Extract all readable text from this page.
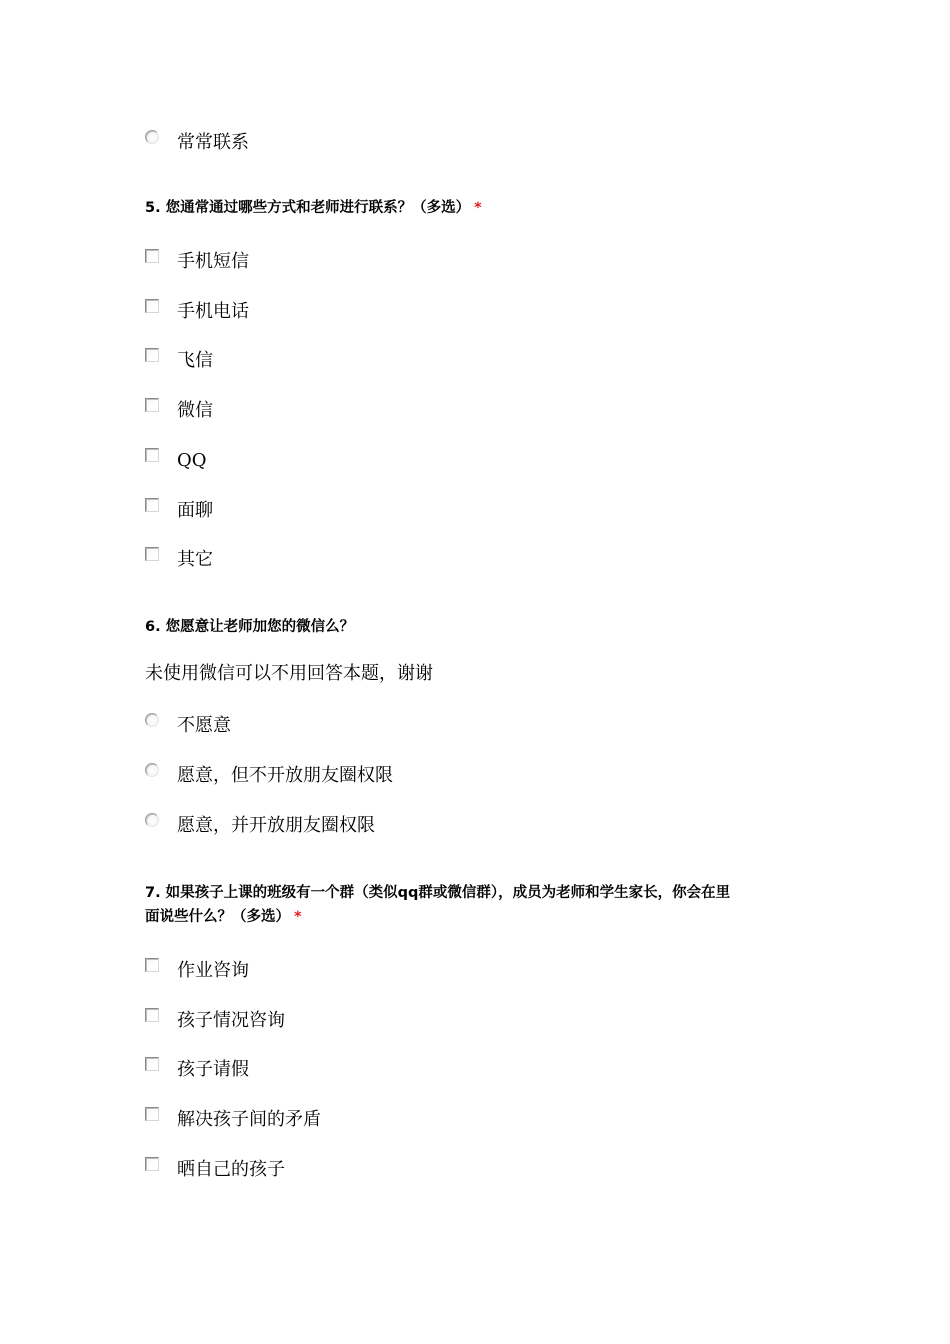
常常联系
5. 您通常通过哪些方式和老师进行联系？（多选） *
手机短信
手机电话
飞信
微信
QQ
面聊
其它
6. 您愿意让老师加您的微信么？
未使用微信可以不用回答本题，谢谢
不愿意
愿意，但不开放朋友圈权限
愿意，并开放朋友圈权限
7. 如果孩子上课的班级有一个群（类似qq群或微信群），成员为老师和学生家长，你会在里
面说些什么？（多选） *
作业咨询
孩子情况咨询
孩子请假
解决孩子间的矛盾
晒自己的孩子
